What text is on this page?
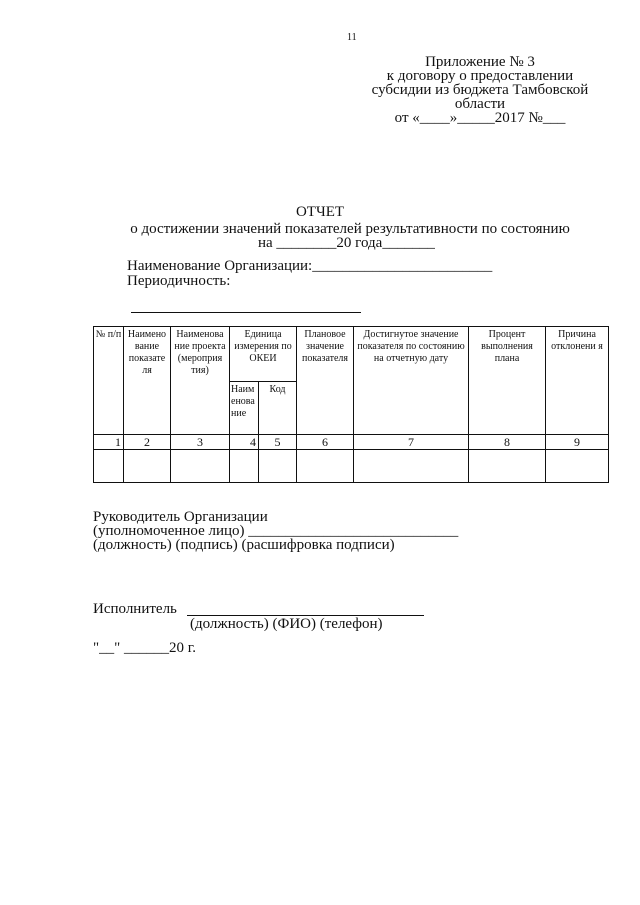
11
Приложение № 3
к договору о предоставлении
субсидии из бюджета Тамбовской
области
от «____»_____2017 №___
ОТЧЕТ
о достижении значений показателей результативности по состоянию
на ________20 года_______
Наименование Организации:________________________
Периодичность:
№ п/п	Наимено вание показате ля	Наименова ние проекта (мероприя тия)	Единица измерения по ОКЕИ		Плановое значение показателя	Достигнутое значение показателя по состоянию на отчетную дату	Процент выполнения плана	Причина отклонени я
			Наим енова ние	Код				
1	2	3	4	5	6	7	8	9

Руководитель Организации
(уполномоченное лицо) ____________________________
(должность) (подпись) (расшифровка подписи)
Исполнитель
(должность) (ФИО) (телефон)
"__" ______20 г.
